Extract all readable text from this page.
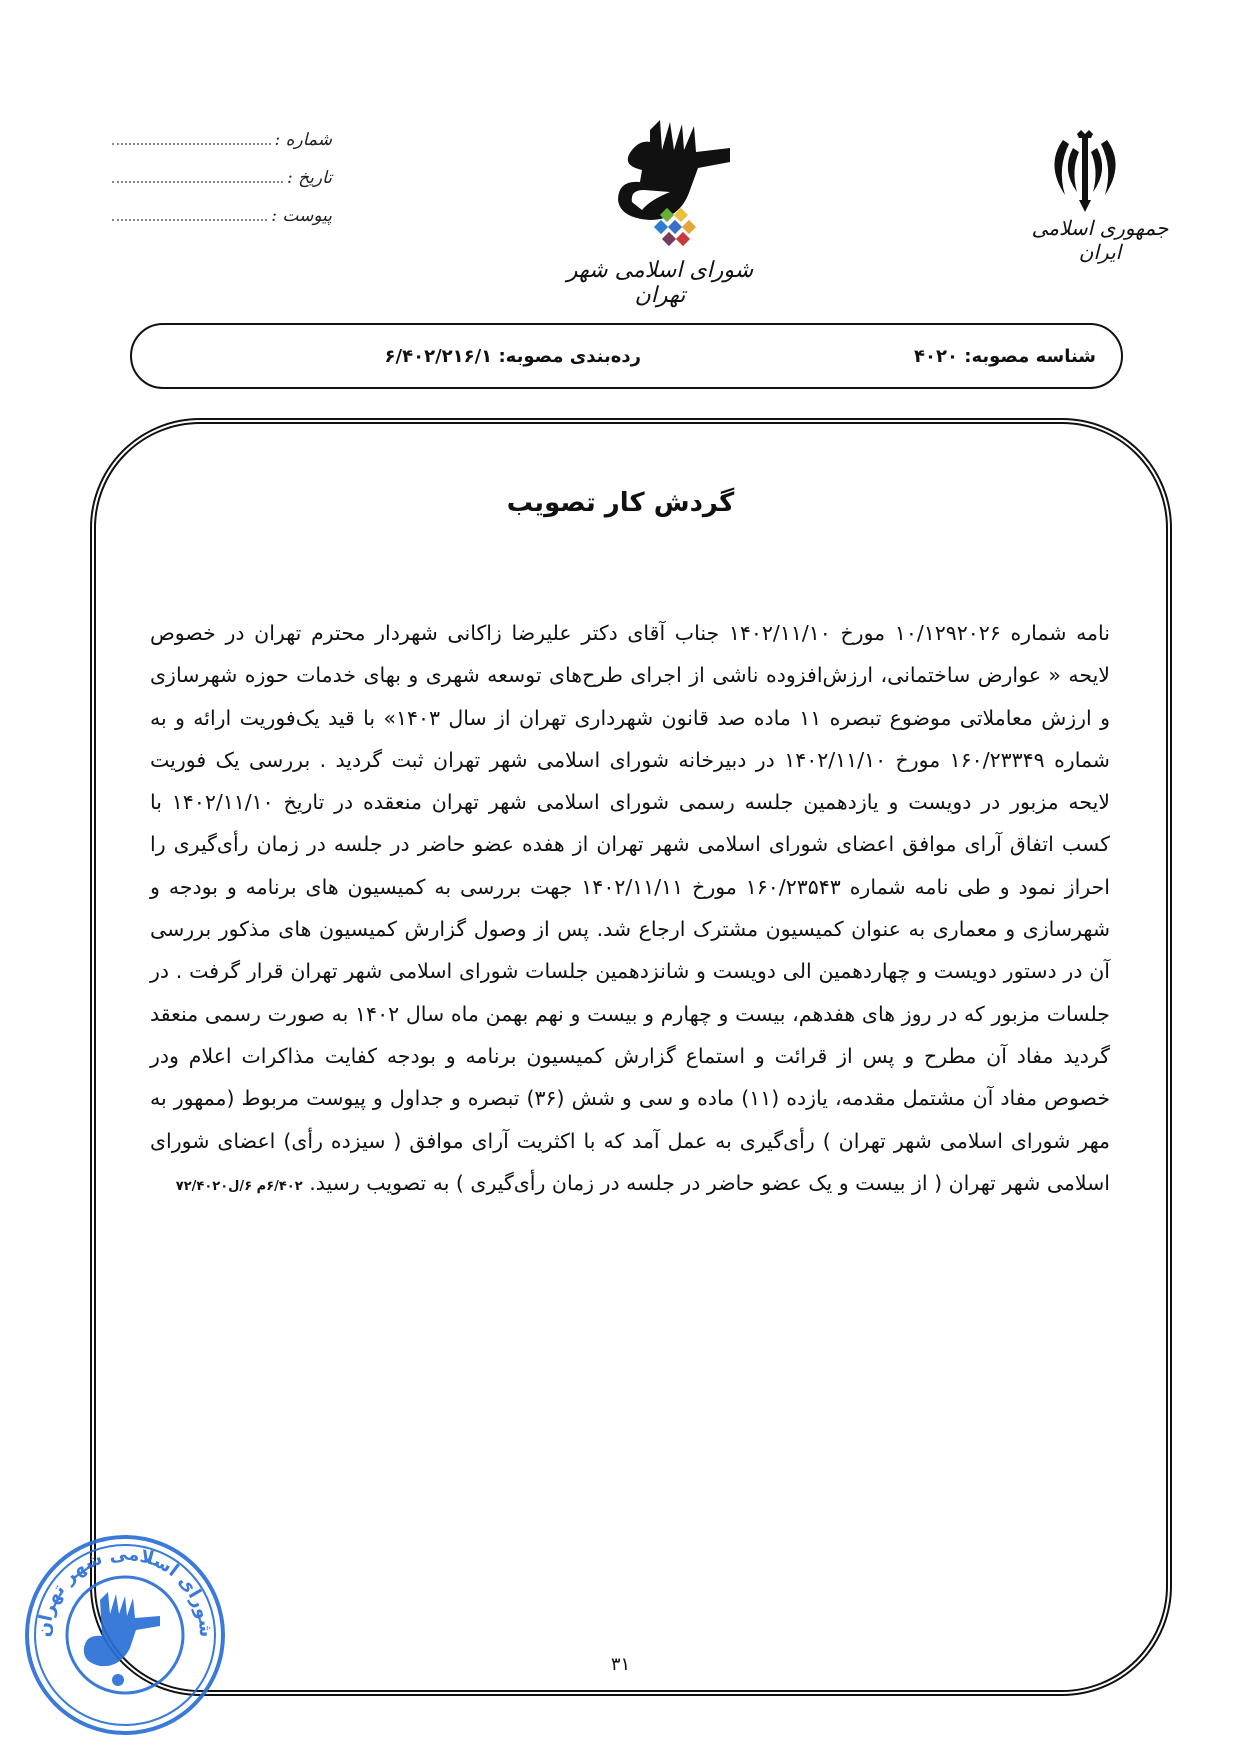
شماره :
تاریخ :
پیوست :
شورای اسلامی شهر تهران
جمهوری اسلامی ایران
شناسه مصوبه: ۴۰۲۰
رده‌بندی مصوبه: ۶/۴۰۲/۲۱۶/۱
گردش کار تصویب
نامه شماره ۱۰/۱۲۹۲۰۲۶ مورخ ۱۴۰۲/۱۱/۱۰ جناب آقای دکتر علیرضا زاکانی شهردار محترم تهران در خصوص لایحه « عوارض ساختمانی، ارزش‌افزوده ناشی از اجرای طرح‌های توسعه شهری و بهای خدمات حوزه شهرسازی و ارزش معاملاتی موضوع تبصره ۱۱ ماده صد قانون شهرداری تهران از سال ۱۴۰۳» با قید یک‌فوریت ارائه و به شماره ۱۶۰/۲۳۳۴۹ مورخ ۱۴۰۲/۱۱/۱۰ در دبیرخانه شورای اسلامی شهر تهران ثبت گردید . بررسی یک فوریت لایحه مزبور در دویست و یازدهمین جلسه رسمی شورای اسلامی شهر تهران منعقده در تاریخ ۱۴۰۲/۱۱/۱۰ با کسب اتفاق آرای موافق اعضای شورای اسلامی شهر تهران از هفده عضو حاضر در جلسه در زمان رأی‌گیری را احراز نمود و طی نامه شماره ۱۶۰/۲۳۵۴۳ مورخ ۱۴۰۲/۱۱/۱۱ جهت بررسی به کمیسیون های برنامه و بودجه و شهرسازی و معماری به عنوان کمیسیون مشترک ارجاع شد. پس از وصول گزارش کمیسیون های مذکور بررسی آن در دستور دویست و چهاردهمین الی دویست و شانزدهمین جلسات شورای اسلامی شهر تهران قرار گرفت . در جلسات مزبور که در روز های هفدهم، بیست و چهارم و بیست و نهم بهمن ماه سال ۱۴۰۲ به صورت رسمی منعقد گردید مفاد آن مطرح و پس از قرائت و استماع گزارش کمیسیون برنامه و بودجه کفایت مذاکرات اعلام ودر خصوص مفاد آن مشتمل مقدمه، یازده (۱۱) ماده و سی و شش (۳۶) تبصره و جداول و پیوست مربوط (ممهور به مهر شورای اسلامی شهر تهران ) رأی‌گیری به عمل آمد که با اکثریت آرای موافق ( سیزده رأی) اعضای شورای اسلامی شهر تهران ( از بیست و یک عضو حاضر در جلسه در زمان رأی‌گیری ) به تصویب رسید. ۶/۴۰۲م ۶/ل۷۲/۴۰۲۰
۳۱
شورای اسلامی شهر تهران
